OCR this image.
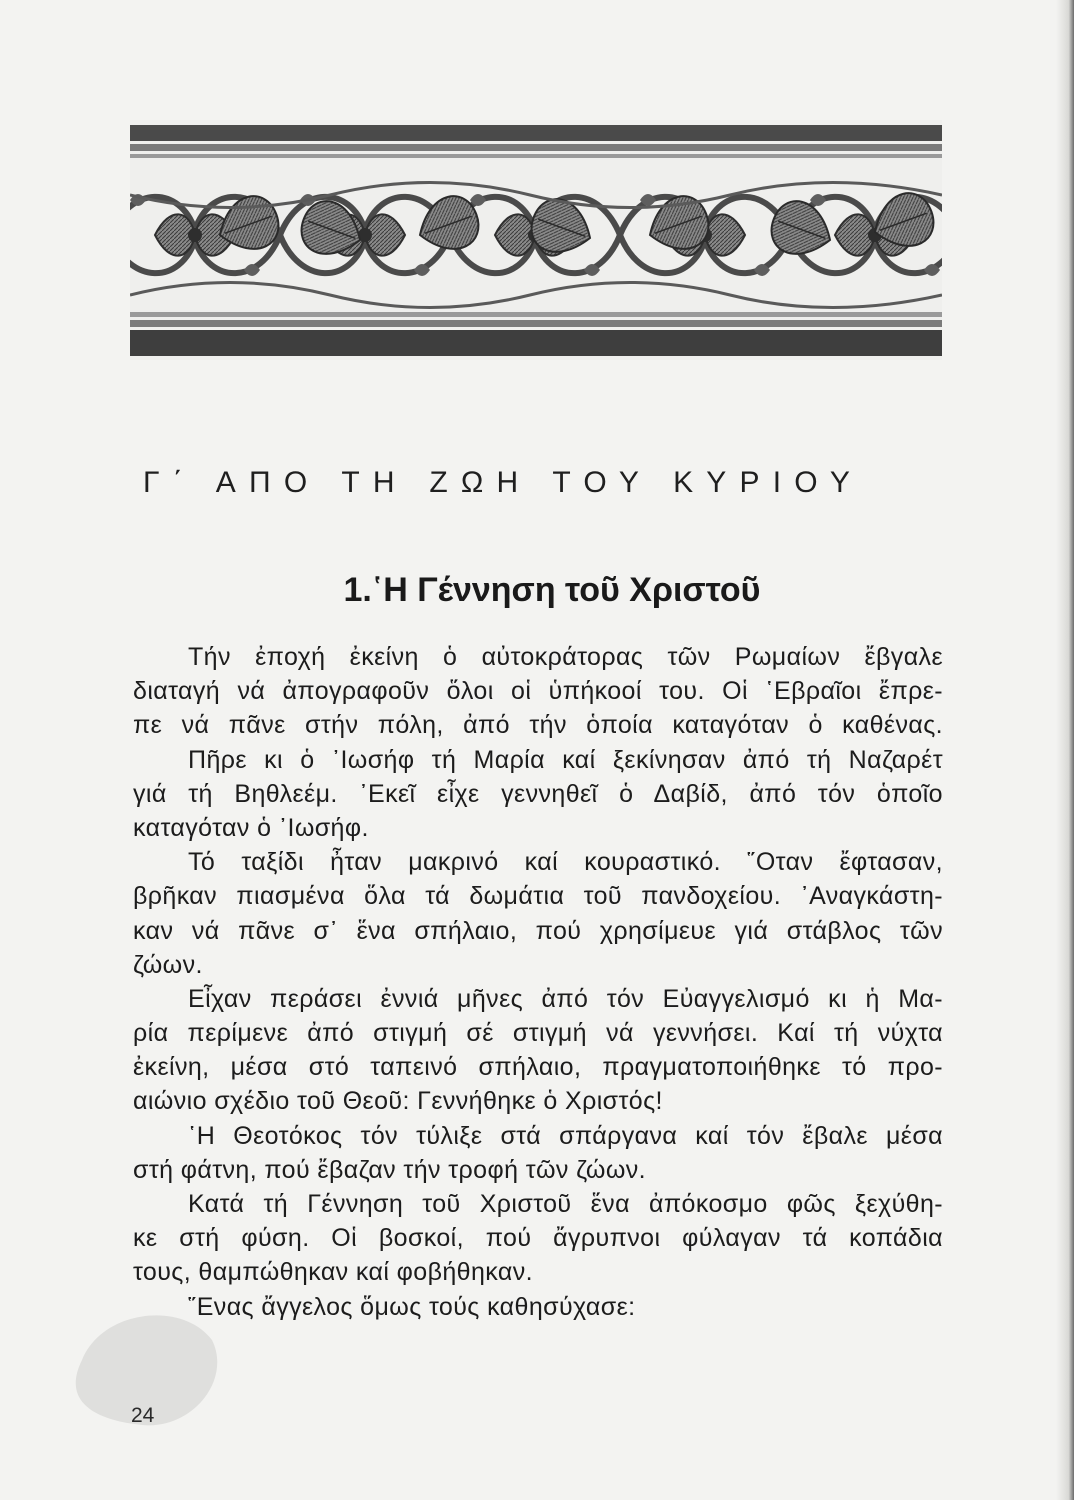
Γ΄ ΑΠΟ ΤΗ ΖΩΗ ΤΟΥ ΚΥΡΙΟΥ
1.῾Η Γέννηση τοῦ Χριστοῦ
Τήν ἐποχή ἐκείνη ὁ αὐτοκράτορας τῶν Ρωμαίων ἔβγαλε
διαταγή νά ἀπογραφοῦν ὅλοι οἱ ὑπήκοοί του. Οἱ ῾Εβραῖοι ἔπρε-
πε νά πᾶνε στήν πόλη, ἀπό τήν ὁποία καταγόταν ὁ καθένας.
Πῆρε κι ὁ ᾿Ιωσήφ τή Μαρία καί ξεκίνησαν ἀπό τή Ναζαρέτ
γιά τή Βηθλεέμ. ᾿Εκεῖ εἶχε γεννηθεῖ ὁ Δαβίδ, ἀπό τόν ὁποῖο
καταγόταν ὁ ᾿Ιωσήφ.
Τό ταξίδι ἦταν μακρινό καί κουραστικό. ῞Οταν ἔφτασαν,
βρῆκαν πιασμένα ὅλα τά δωμάτια τοῦ πανδοχείου. ᾿Αναγκάστη-
καν νά πᾶνε σ᾿ ἕνα σπήλαιο, πού χρησίμευε γιά στάβλος τῶν
ζώων.
Εἶχαν περάσει ἐννιά μῆνες ἀπό τόν Εὐαγγελισμό κι ἡ Μα-
ρία περίμενε ἀπό στιγμή σέ στιγμή νά γεννήσει. Καί τή νύχτα
ἐκείνη, μέσα στό ταπεινό σπήλαιο, πραγματοποιήθηκε τό προ-
αιώνιο σχέδιο τοῦ Θεοῦ: Γεννήθηκε ὁ Χριστός!
῾Η Θεοτόκος τόν τύλιξε στά σπάργανα καί τόν ἔβαλε μέσα
στή φάτνη, πού ἔβαζαν τήν τροφή τῶν ζώων.
Κατά τή Γέννηση τοῦ Χριστοῦ ἕνα ἀπόκοσμο φῶς ξεχύθη-
κε στή φύση. Οἱ βοσκοί, πού ἄγρυπνοι φύλαγαν τά κοπάδια
τους, θαμπώθηκαν καί φοβήθηκαν.
῞Ενας ἄγγελος ὅμως τούς καθησύχασε:
24
